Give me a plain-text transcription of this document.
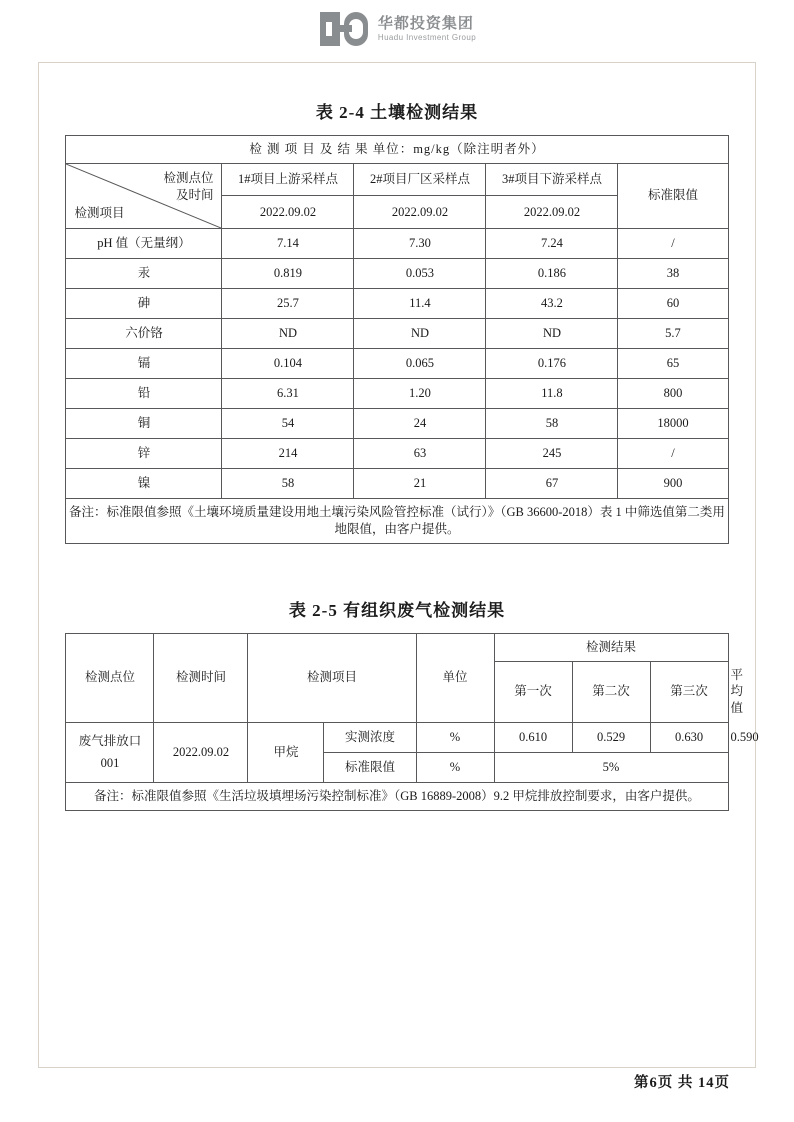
华都投资集团
Huadu Investment Group
表 2-4 土壤检测结果
检 测 项 目 及 结 果 单位：mg/kg（除注明者外）				

检测点位
及时间
检测项目	1#项目上游采样点	2#项目厂区采样点	3#项目下游采样点	标准限值
	2022.09.02	2022.09.02	2022.09.02	
pH 值（无量纲）	7.14	7.30	7.24	/
汞	0.819	0.053	0.186	38
砷	25.7	11.4	43.2	60
六价铬	ND	ND	ND	5.7
镉	0.104	0.065	0.176	65
铅	6.31	1.20	11.8	800
铜	54	24	58	18000
锌	214	63	245	/
镍	58	21	67	900
备注：标准限值参照《土壤环境质量建设用地土壤污染风险管控标准（试行）》（GB 36600-2018）表 1 中筛选值第二类用地限值，由客户提供。				
表 2-5 有组织废气检测结果
检测点位	检测时间	检测项目		单位	检测结果			
					第一次	第二次	第三次	平均值
废气排放口 001	2022.09.02	甲烷	实测浓度	%	0.610	0.529	0.630	0.590
			标准限值	%	5%			
备注：标准限值参照《生活垃圾填埋场污染控制标准》（GB 16889-2008）9.2 甲烷排放控制要求，由客户提供。								
第6页 共 14页
